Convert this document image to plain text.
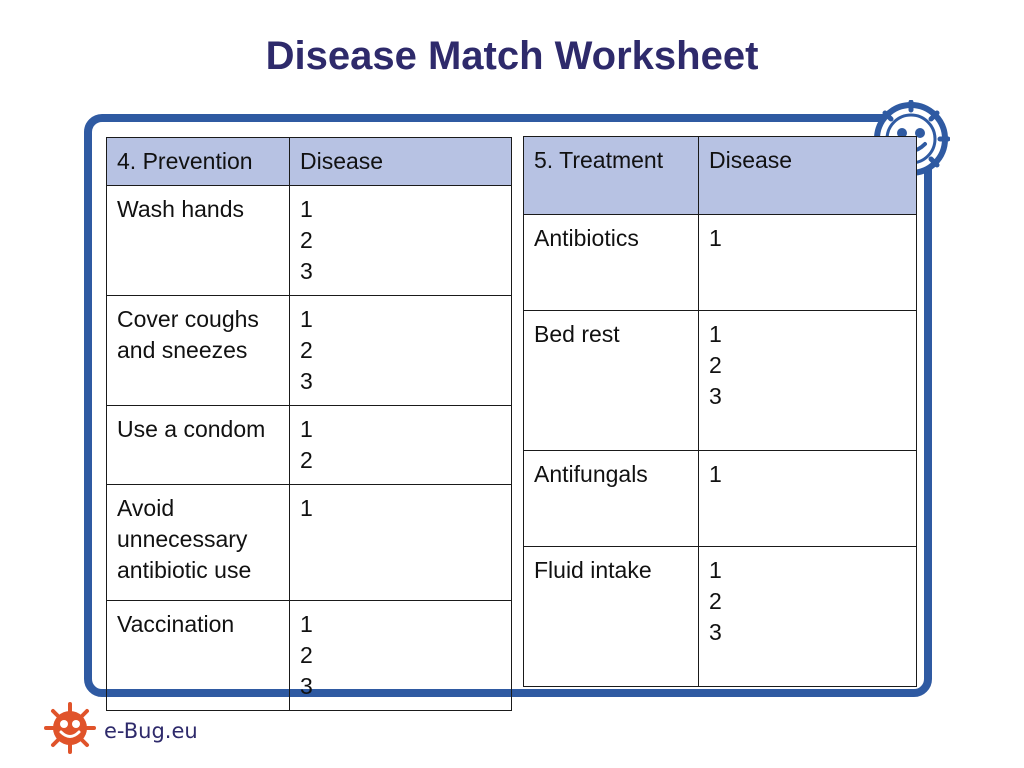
Disease Match Worksheet
4. Prevention	Disease
Wash hands	1
2
3

Cover coughs and sneezes	1
2
3

Use a condom	1
2

Avoid unnecessary antibiotic use	1

Vaccination	1
2
3
5. Treatment	Disease
Antibiotics	1

Bed rest	1
2
3

Antifungals	1

Fluid intake	1
2
3
e-Bug.eu
